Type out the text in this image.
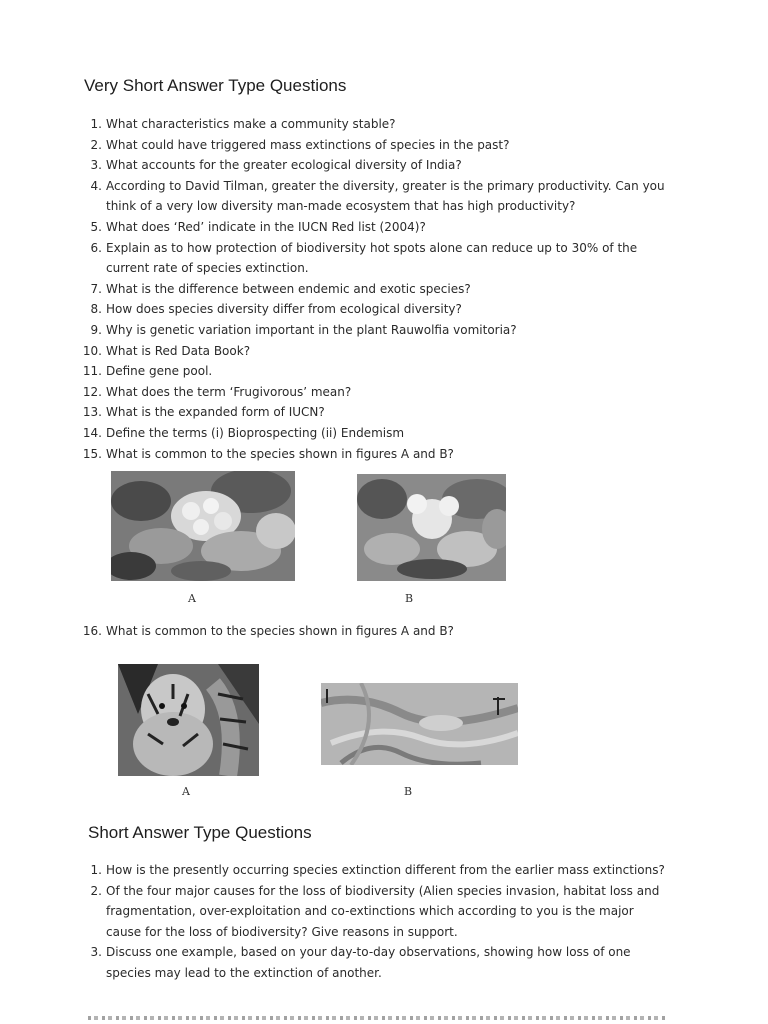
Very Short Answer Type Questions
1. What characteristics make a community stable?
2. What could have triggered mass extinctions of species in the past?
3. What accounts for the greater ecological diversity of India?
4. According to David Tilman, greater the diversity, greater is the primary productivity. Can you think of a very low diversity man-made ecosystem that has high productivity?
5. What does ‘Red’ indicate in the IUCN Red list (2004)?
6. Explain as to how protection of biodiversity hot spots alone can reduce up to 30% of the current rate of species extinction.
7. What is the difference between endemic and exotic species?
8. How does species diversity differ from ecological diversity?
9. Why is genetic variation important in the plant Rauwolfia vomitoria?
10. What is Red Data Book?
11. Define gene pool.
12. What does the term ‘Frugivorous’ mean?
13. What is the expanded form of IUCN?
14. Define the terms (i) Bioprospecting (ii) Endemism
15. What is common to the species shown in figures A and B?
A	B
16. What is common to the species shown in figures A and B?
A	B
Short Answer Type Questions
1. How is the presently occurring species extinction different from the earlier mass extinctions?
2. Of the four major causes for the loss of biodiversity (Alien species invasion, habitat loss and fragmentation, over-exploitation and co-extinctions which according to you is the major cause for the loss of biodiversity? Give reasons in support.
3. Discuss one example, based on your day-to-day observations, showing how loss of one species may lead to the extinction of another.
